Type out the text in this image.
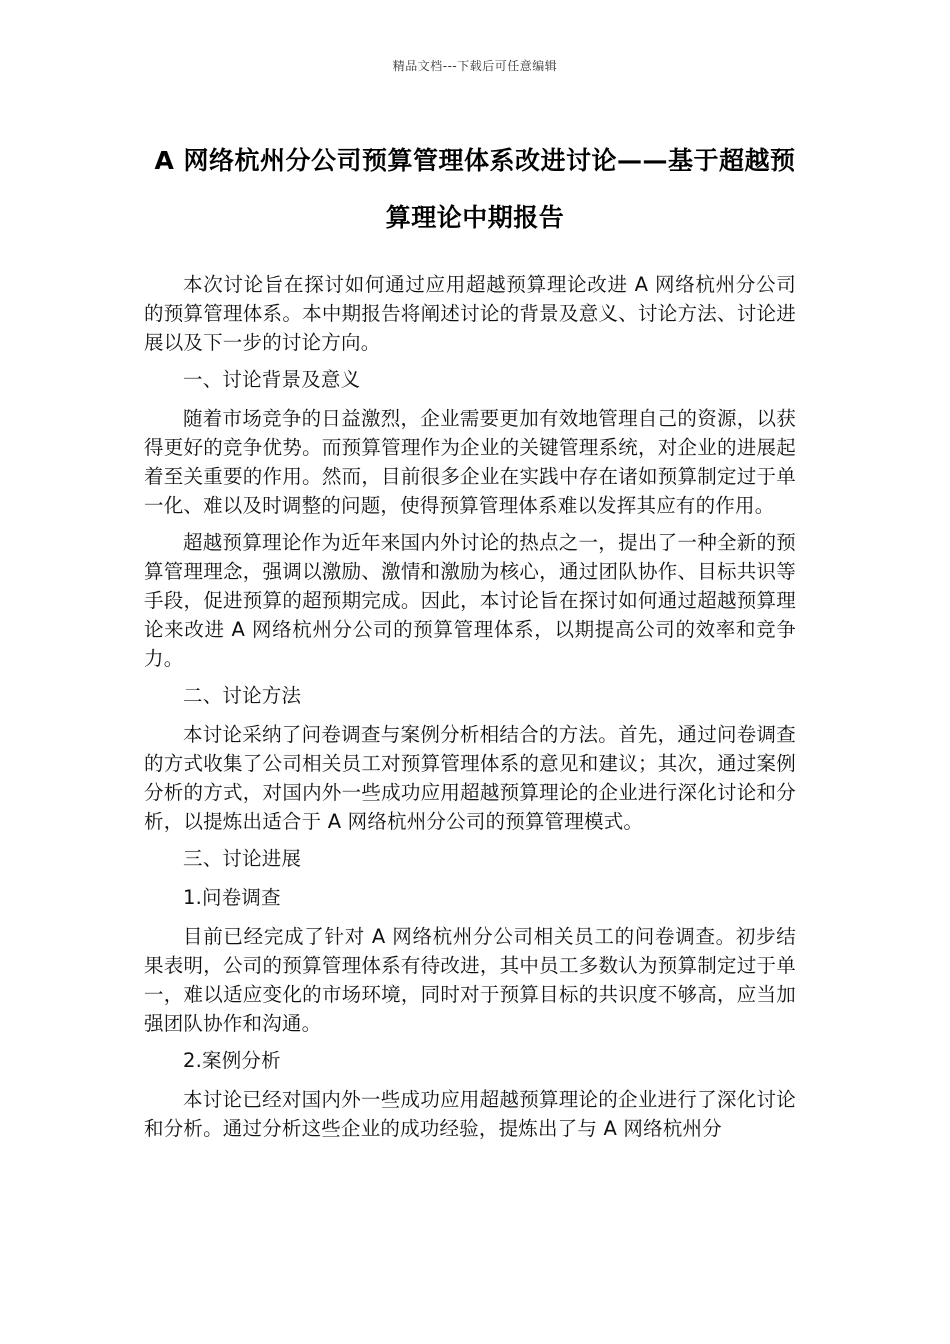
精品文档---下载后可任意编辑
A 网络杭州分公司预算管理体系改进讨论——基于超越预算理论中期报告

本次讨论旨在探讨如何通过应用超越预算理论改进 A 网络杭州分公司的预算管理体系。本中期报告将阐述讨论的背景及意义、讨论方法、讨论进展以及下一步的讨论方向。

一、讨论背景及意义

随着市场竞争的日益激烈，企业需要更加有效地管理自己的资源，以获得更好的竞争优势。而预算管理作为企业的关键管理系统，对企业的进展起着至关重要的作用。然而，目前很多企业在实践中存在诸如预算制定过于单一化、难以及时调整的问题，使得预算管理体系难以发挥其应有的作用。

超越预算理论作为近年来国内外讨论的热点之一，提出了一种全新的预算管理理念，强调以激励、激情和激励为核心，通过团队协作、目标共识等手段，促进预算的超预期完成。因此，本讨论旨在探讨如何通过超越预算理论来改进 A 网络杭州分公司的预算管理体系，以期提高公司的效率和竞争力。

二、讨论方法

本讨论采纳了问卷调查与案例分析相结合的方法。首先，通过问卷调查的方式收集了公司相关员工对预算管理体系的意见和建议；其次，通过案例分析的方式，对国内外一些成功应用超越预算理论的企业进行深化讨论和分析，以提炼出适合于 A 网络杭州分公司的预算管理模式。

三、讨论进展

1.问卷调查

目前已经完成了针对 A 网络杭州分公司相关员工的问卷调查。初步结果表明，公司的预算管理体系有待改进，其中员工多数认为预算制定过于单一，难以适应变化的市场环境，同时对于预算目标的共识度不够高，应当加强团队协作和沟通。

2.案例分析

本讨论已经对国内外一些成功应用超越预算理论的企业进行了深化讨论和分析。通过分析这些企业的成功经验，提炼出了与 A 网络杭州分
